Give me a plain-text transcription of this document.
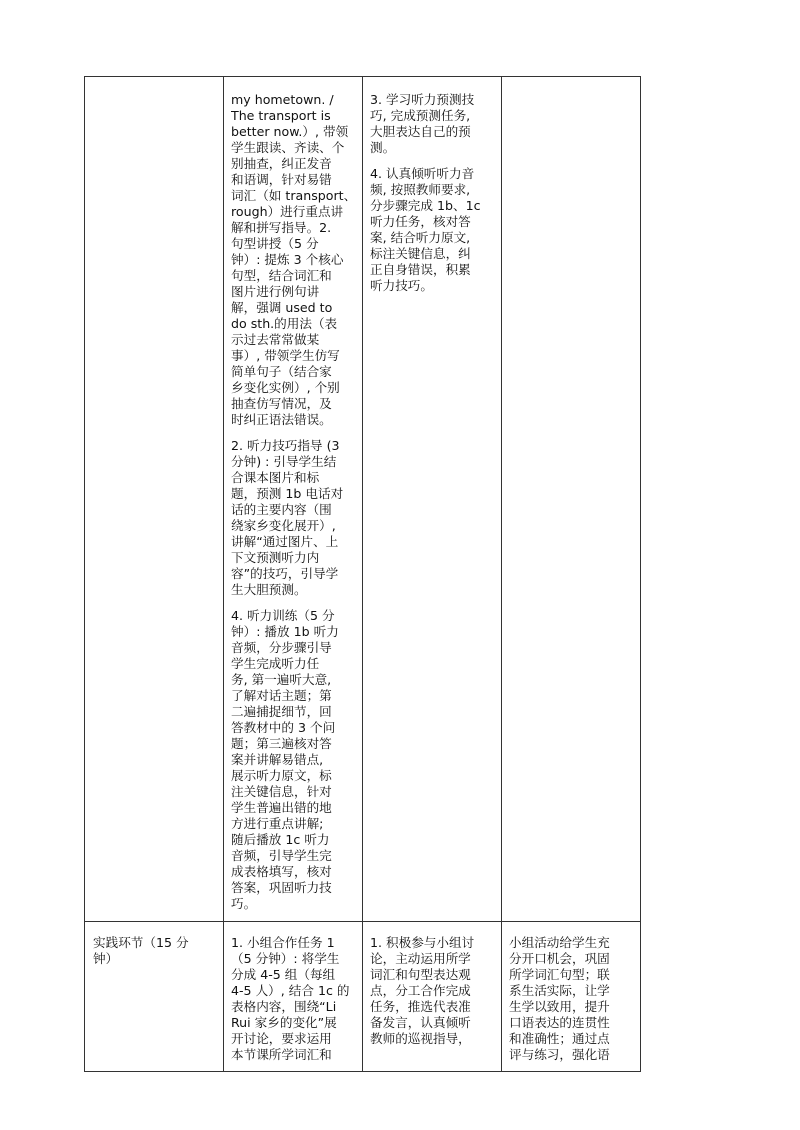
my hometown. /
The transport is
better now.）, 带领
学生跟读、齐读、个
别抽查，纠正发音
和语调，针对易错
词汇（如 transport、
rough）进行重点讲
解和拼写指导。2.
句型讲授（5 分
钟）: 提炼 3 个核心
句型，结合词汇和
图片进行例句讲
解，强调 used to
do sth.的用法（表
示过去常常做某
事）, 带领学生仿写
简单句子（结合家
乡变化实例）, 个别
抽查仿写情况，及
时纠正语法错误。

2. 听力技巧指导 (3
分钟) : 引导学生结
合课本图片和标
题，预测 1b 电话对
话的主要内容（围
绕家乡变化展开）,
讲解“通过图片、上
下文预测听力内
容”的技巧，引导学
生大胆预测。

4. 听力训练（5 分
钟）: 播放 1b 听力
音频，分步骤引导
学生完成听力任
务, 第一遍听大意,
了解对话主题；第
二遍捕捉细节，回
答教材中的 3 个问
题；第三遍核对答
案并讲解易错点,
展示听力原文，标
注关键信息，针对
学生普遍出错的地
方进行重点讲解;
随后播放 1c 听力
音频，引导学生完
成表格填写，核对
答案，巩固听力技
巧。

3. 学习听力预测技
巧, 完成预测任务,
大胆表达自己的预
测。

4. 认真倾听听力音
频, 按照教师要求,
分步骤完成 1b、1c
听力任务，核对答
案, 结合听力原文,
标注关键信息，纠
正自身错误，积累
听力技巧。

实践环节（15 分
钟）

1. 小组合作任务 1
（5 分钟）: 将学生
分成 4-5 组（每组
4-5 人）, 结合 1c 的
表格内容，围绕“Li
Rui 家乡的变化”展
开讨论，要求运用
本节课所学词汇和

1. 积极参与小组讨
论，主动运用所学
词汇和句型表达观
点，分工合作完成
任务，推选代表准
备发言，认真倾听
教师的巡视指导，

小组活动给学生充
分开口机会，巩固
所学词汇句型；联
系生活实际，让学
生学以致用，提升
口语表达的连贯性
和准确性；通过点
评与练习，强化语
